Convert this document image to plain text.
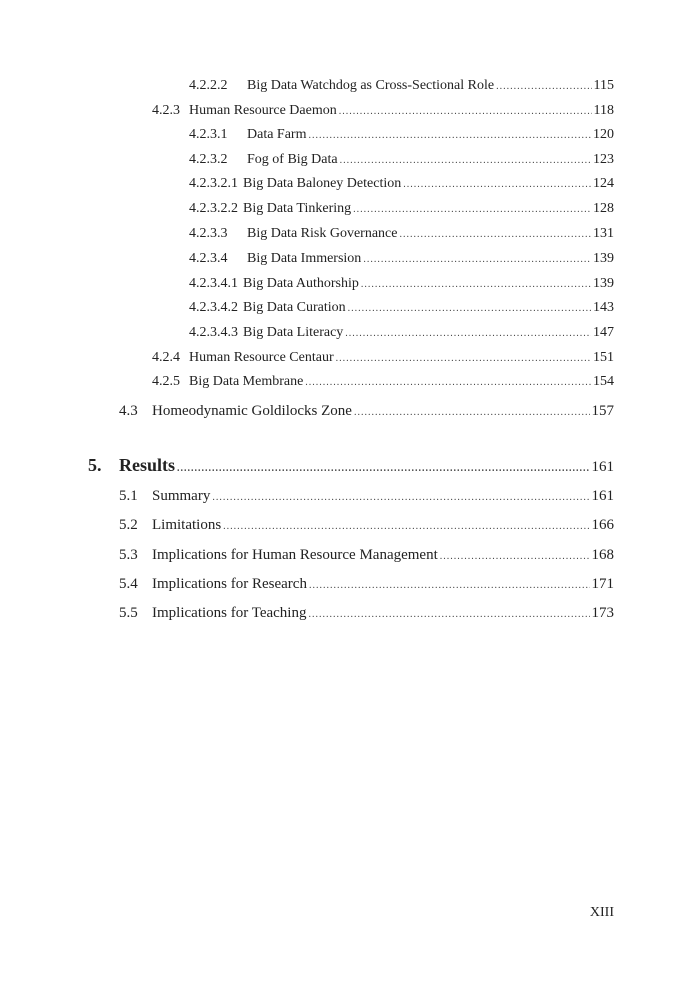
4.2.2.2	Big Data Watchdog as Cross-Sectional Role .....	115
4.2.3 Human Resource Daemon .....	118
4.2.3.1	Data Farm .....	120
4.2.3.2	Fog of Big Data .....	123
4.2.3.2.1 Big Data Baloney Detection .....	124
4.2.3.2.2 Big Data Tinkering .....	128
4.2.3.3	Big Data Risk Governance .....	131
4.2.3.4	Big Data Immersion .....	139
4.2.3.4.1 Big Data Authorship .....	139
4.2.3.4.2 Big Data Curation .....	143
4.2.3.4.3 Big Data Literacy .....	147
4.2.4 Human Resource Centaur .....	151
4.2.5 Big Data Membrane .....	154
4.3 Homeodynamic Goldilocks Zone .....	157
5. Results .....	161
5.1 Summary .....	161
5.2 Limitations .....	166
5.3 Implications for Human Resource Management .....	168
5.4 Implications for Research .....	171
5.5 Implications for Teaching .....	173
XIII
